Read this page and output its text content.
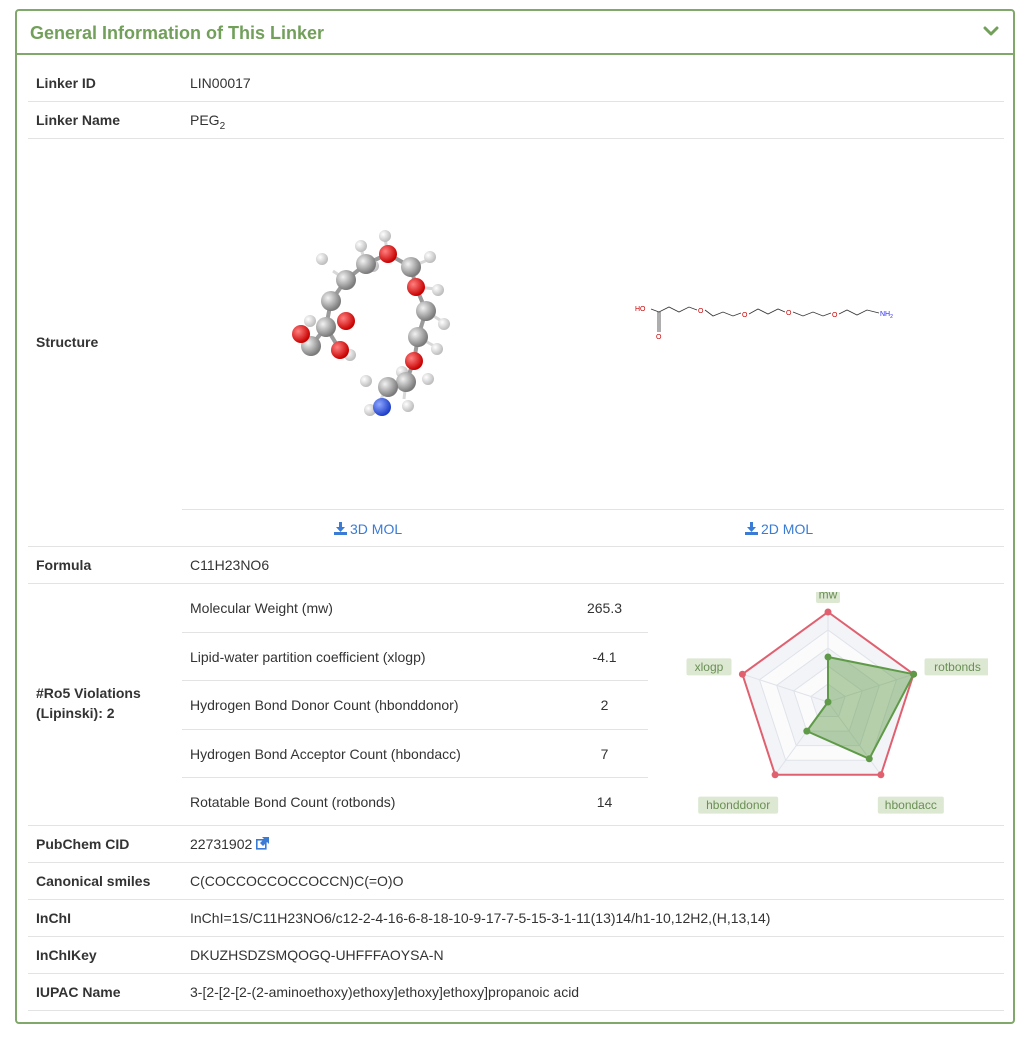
General Information of This Linker
Linker ID	LIN00017
Linker Name	$PEG_2$
Structure
HO
O
O
O	O	O	$NH_2$
3D MOL	2D MOL
Formula	C11H23NO6
#Ro5 Violations
(Lipinski): 2
Molecular Weight (mw)	265.3
Lipid-water partition coefficient (xlogp)	-4.1
Hydrogen Bond Donor Count (hbonddonor)	2
Hydrogen Bond Acceptor Count (hbondacc)	7
Rotatable Bond Count (rotbonds)	14
mw
rotbonds
hbondacc
hbonddonor
xlogp
PubChem CID	22731902
Canonical smiles	C(COCCOCCOCCOCCN)C(=O)O
InChI	InChI=1S/C11H23NO6/c12-2-4-16-6-8-18-10-9-17-7-5-15-3-1-11(13)14/h1-10,12H2,(H,13,14)
InChIKey	DKUZHSDZSMQOGQ-UHFFFAOYSA-N
IUPAC Name	3-[2-[2-[2-(2-aminoethoxy)ethoxy]ethoxy]ethoxy]propanoic acid
